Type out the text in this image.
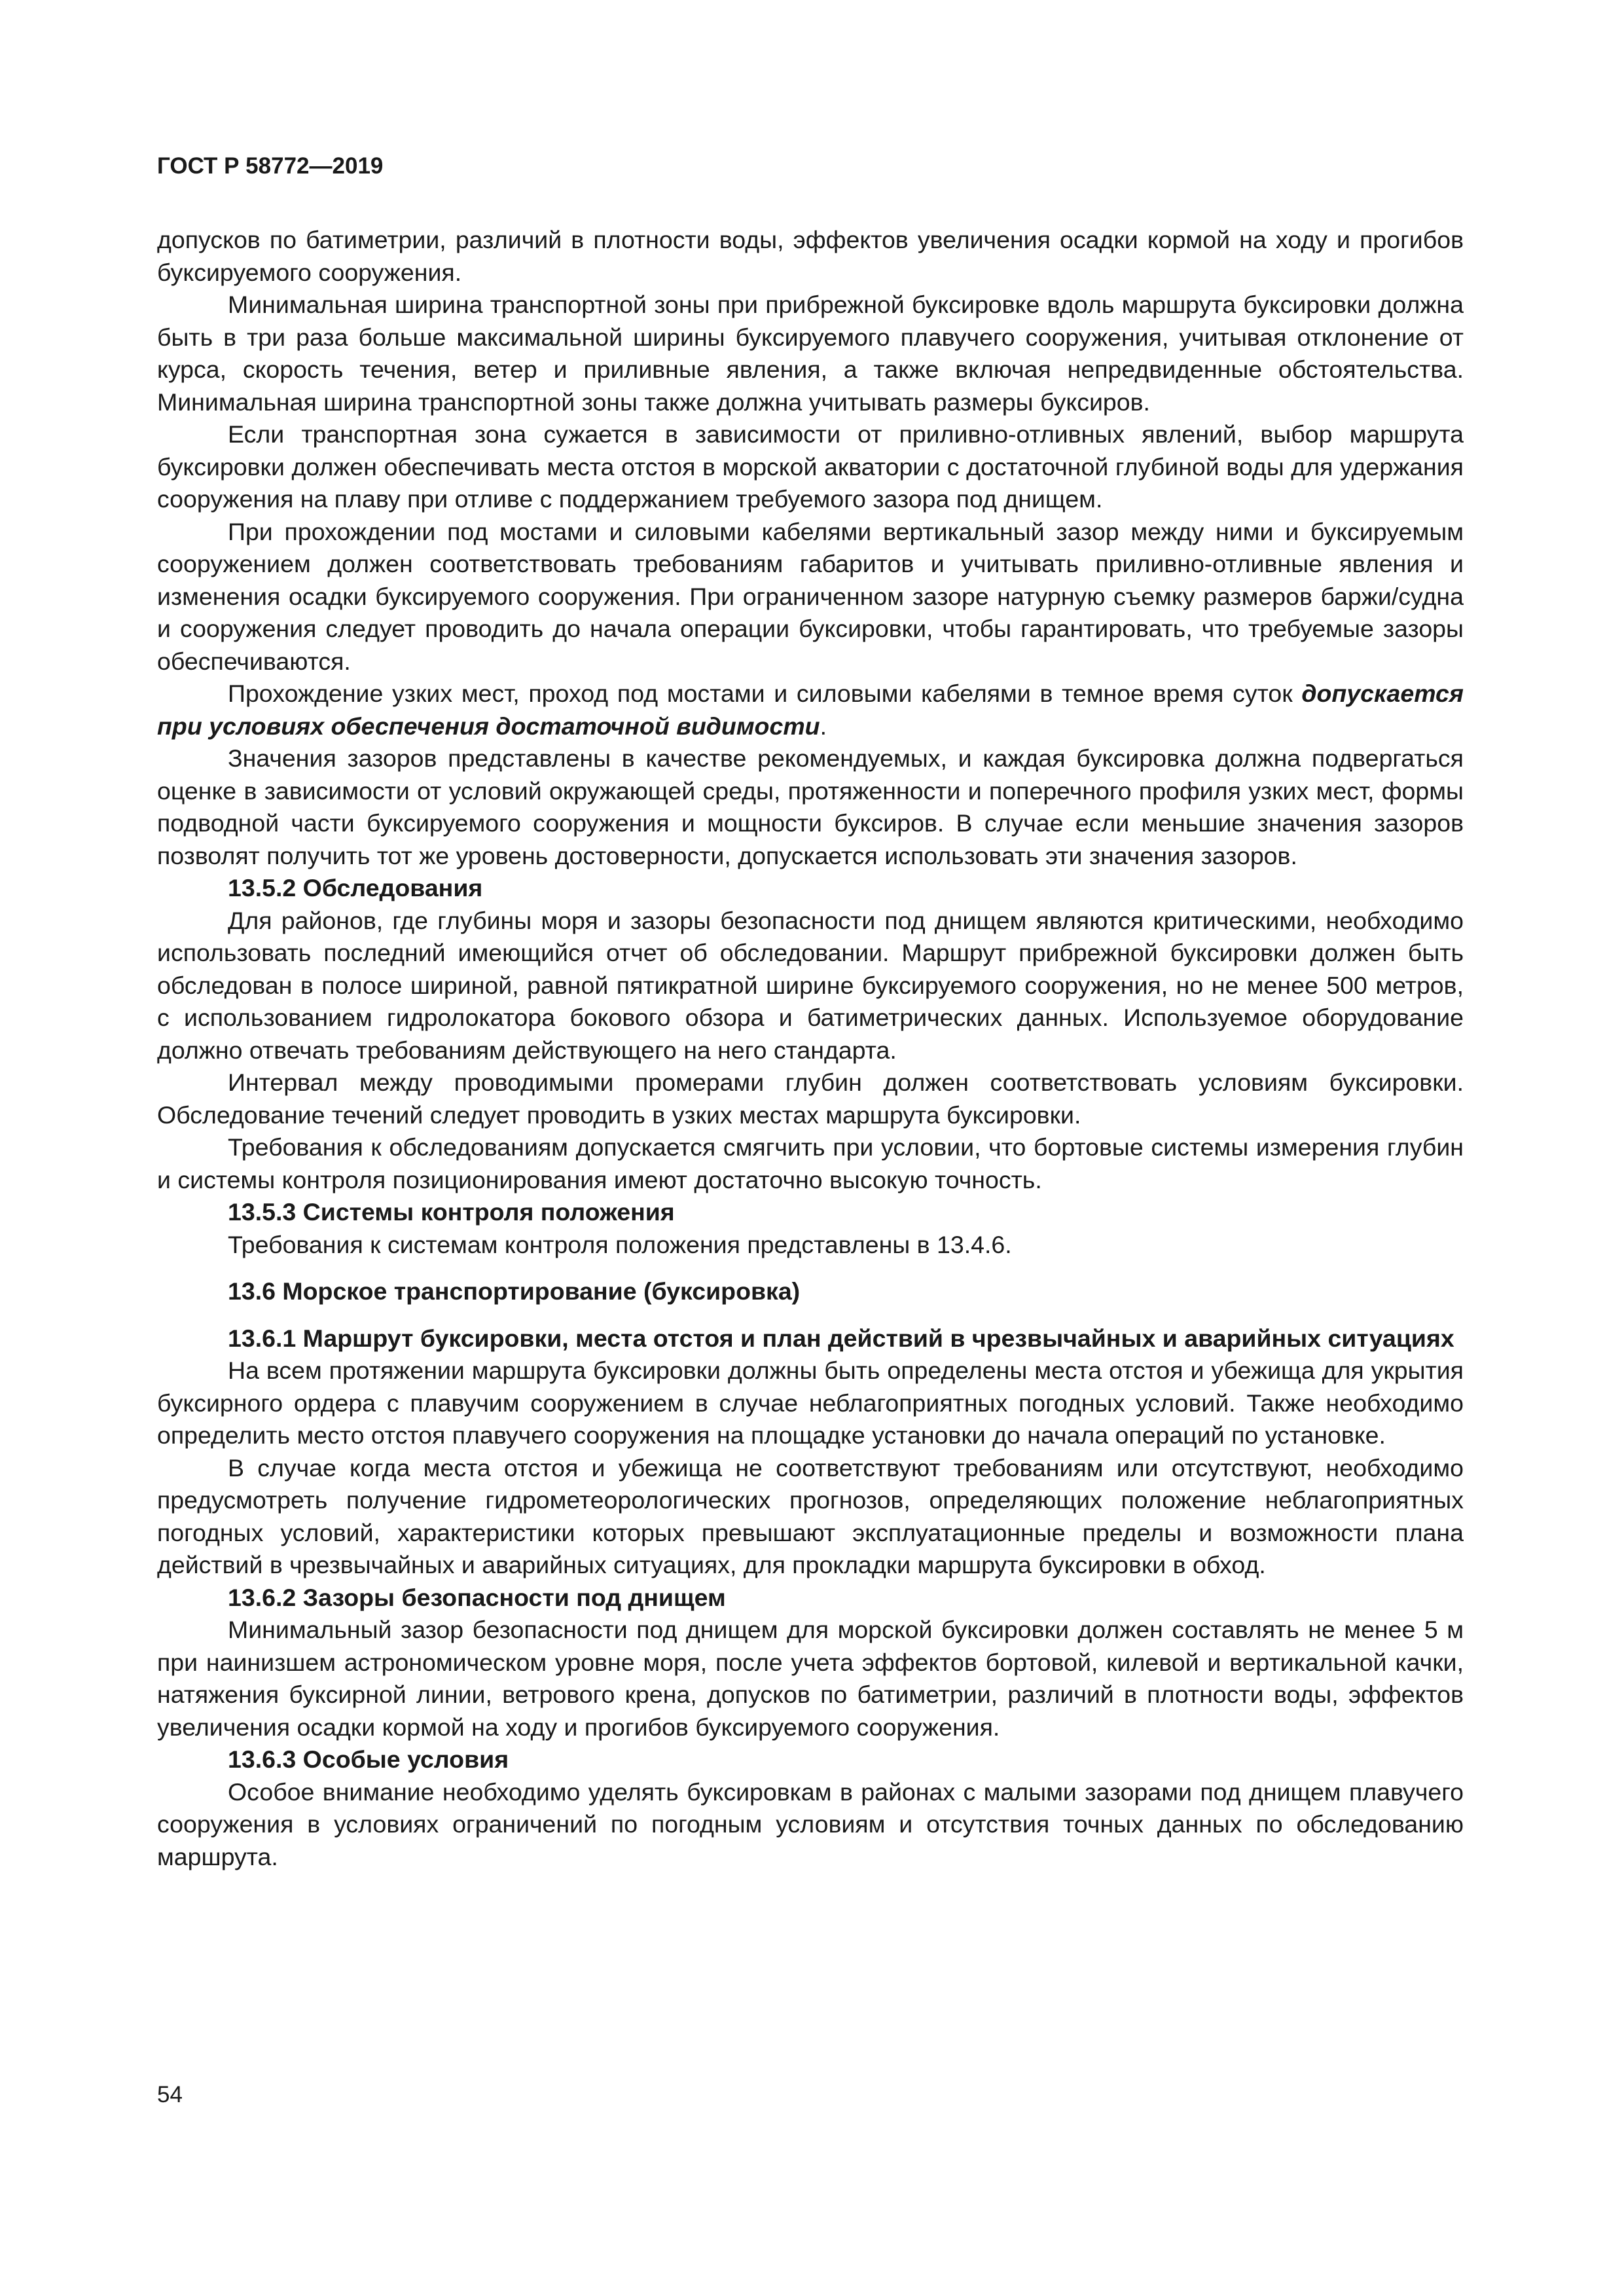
ГОСТ Р 58772—2019

допусков по батиметрии, различий в плотности воды, эффектов увеличения осадки кормой на ходу и прогибов буксируемого сооружения.

Минимальная ширина транспортной зоны при прибрежной буксировке вдоль маршрута буксировки должна быть в три раза больше максимальной ширины буксируемого плавучего сооружения, учитывая отклонение от курса, скорость течения, ветер и приливные явления, а также включая непредвиденные обстоятельства. Минимальная ширина транспортной зоны также должна учитывать размеры буксиров.

Если транспортная зона сужается в зависимости от приливно-отливных явлений, выбор маршрута буксировки должен обеспечивать места отстоя в морской акватории с достаточной глубиной воды для удержания сооружения на плаву при отливе с поддержанием требуемого зазора под днищем.

При прохождении под мостами и силовыми кабелями вертикальный зазор между ними и буксируемым сооружением должен соответствовать требованиям габаритов и учитывать приливно-отливные явления и изменения осадки буксируемого сооружения. При ограниченном зазоре натурную съемку размеров баржи/судна и сооружения следует проводить до начала операции буксировки, чтобы гарантировать, что требуемые зазоры обеспечиваются.

Прохождение узких мест, проход под мостами и силовыми кабелями в темное время суток допускается при условиях обеспечения достаточной видимости.

Значения зазоров представлены в качестве рекомендуемых, и каждая буксировка должна подвергаться оценке в зависимости от условий окружающей среды, протяженности и поперечного профиля узких мест, формы подводной части буксируемого сооружения и мощности буксиров. В случае если меньшие значения зазоров позволят получить тот же уровень достоверности, допускается использовать эти значения зазоров.

13.5.2 Обследования

Для районов, где глубины моря и зазоры безопасности под днищем являются критическими, необходимо использовать последний имеющийся отчет об обследовании. Маршрут прибрежной буксировки должен быть обследован в полосе шириной, равной пятикратной ширине буксируемого сооружения, но не менее 500 метров, с использованием гидролокатора бокового обзора и батиметрических данных. Используемое оборудование должно отвечать требованиям действующего на него стандарта.

Интервал между проводимыми промерами глубин должен соответствовать условиям буксировки. Обследование течений следует проводить в узких местах маршрута буксировки.

Требования к обследованиям допускается смягчить при условии, что бортовые системы измерения глубин и системы контроля позиционирования имеют достаточно высокую точность.

13.5.3 Системы контроля положения

Требования к системам контроля положения представлены в 13.4.6.

13.6 Морское транспортирование (буксировка)

13.6.1 Маршрут буксировки, места отстоя и план действий в чрезвычайных и аварийных ситуациях

На всем протяжении маршрута буксировки должны быть определены места отстоя и убежища для укрытия буксирного ордера с плавучим сооружением в случае неблагоприятных погодных условий. Также необходимо определить место отстоя плавучего сооружения на площадке установки до начала операций по установке.

В случае когда места отстоя и убежища не соответствуют требованиям или отсутствуют, необходимо предусмотреть получение гидрометеорологических прогнозов, определяющих положение неблагоприятных погодных условий, характеристики которых превышают эксплуатационные пределы и возможности плана действий в чрезвычайных и аварийных ситуациях, для прокладки маршрута буксировки в обход.

13.6.2 Зазоры безопасности под днищем

Минимальный зазор безопасности под днищем для морской буксировки должен составлять не менее 5 м при наинизшем астрономическом уровне моря, после учета эффектов бортовой, килевой и вертикальной качки, натяжения буксирной линии, ветрового крена, допусков по батиметрии, различий в плотности воды, эффектов увеличения осадки кормой на ходу и прогибов буксируемого сооружения.

13.6.3 Особые условия

Особое внимание необходимо уделять буксировкам в районах с малыми зазорами под днищем плавучего сооружения в условиях ограничений по погодным условиям и отсутствия точных данных по обследованию маршрута.

54
